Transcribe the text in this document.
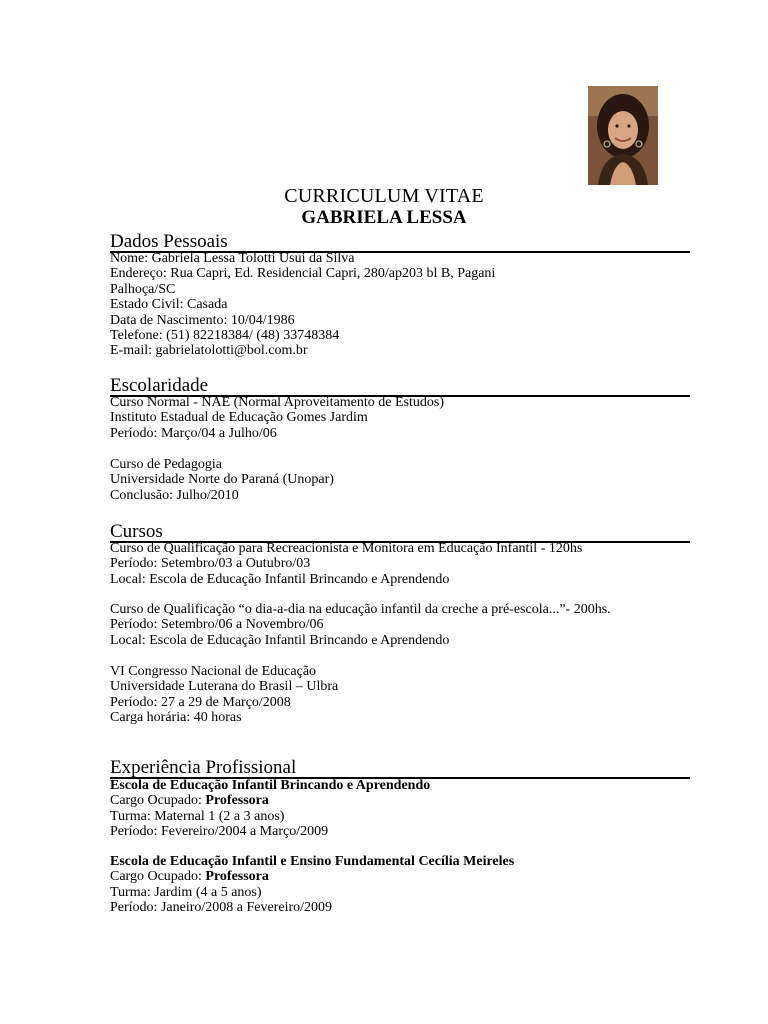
CURRICULUM VITAE
GABRIELA LESSA
Dados Pessoais
Nome: Gabriela Lessa Tolotti Usui da Silva
Endereço: Rua Capri, Ed. Residencial Capri, 280/ap203 bl B, Pagani
Palhoça/SC
Estado Civil: Casada
Data de Nascimento: 10/04/1986
Telefone: (51) 82218384/ (48) 33748384
E-mail: gabrielatolotti@bol.com.br
Escolaridade
Curso Normal - NAE (Normal Aproveitamento de Estudos)
Instituto Estadual de Educação Gomes Jardim
Período: Março/04 a Julho/06
Curso de Pedagogia
Universidade Norte do Paraná (Unopar)
Conclusão: Julho/2010
Cursos
Curso de Qualificação para Recreacionista e Monitora em Educação Infantil - 120hs
Período: Setembro/03 a Outubro/03
Local: Escola de Educação Infantil Brincando e Aprendendo
Curso de Qualificação “o dia-a-dia na educação infantil da creche a pré-escola...”- 200hs.
Período: Setembro/06 a Novembro/06
Local: Escola de Educação Infantil Brincando e Aprendendo
VI Congresso Nacional de Educação
Universidade Luterana do Brasil – Ulbra
Período: 27 a 29 de Março/2008
Carga horária: 40 horas
Experiência Profissional
Escola de Educação Infantil Brincando e Aprendendo
Cargo Ocupado: Professora
Turma: Maternal 1 (2 a 3 anos)
Período: Fevereiro/2004 a Março/2009
Escola de Educação Infantil e Ensino Fundamental Cecília Meireles
Cargo Ocupado: Professora
Turma: Jardim (4 a 5 anos)
Período: Janeiro/2008 a Fevereiro/2009
